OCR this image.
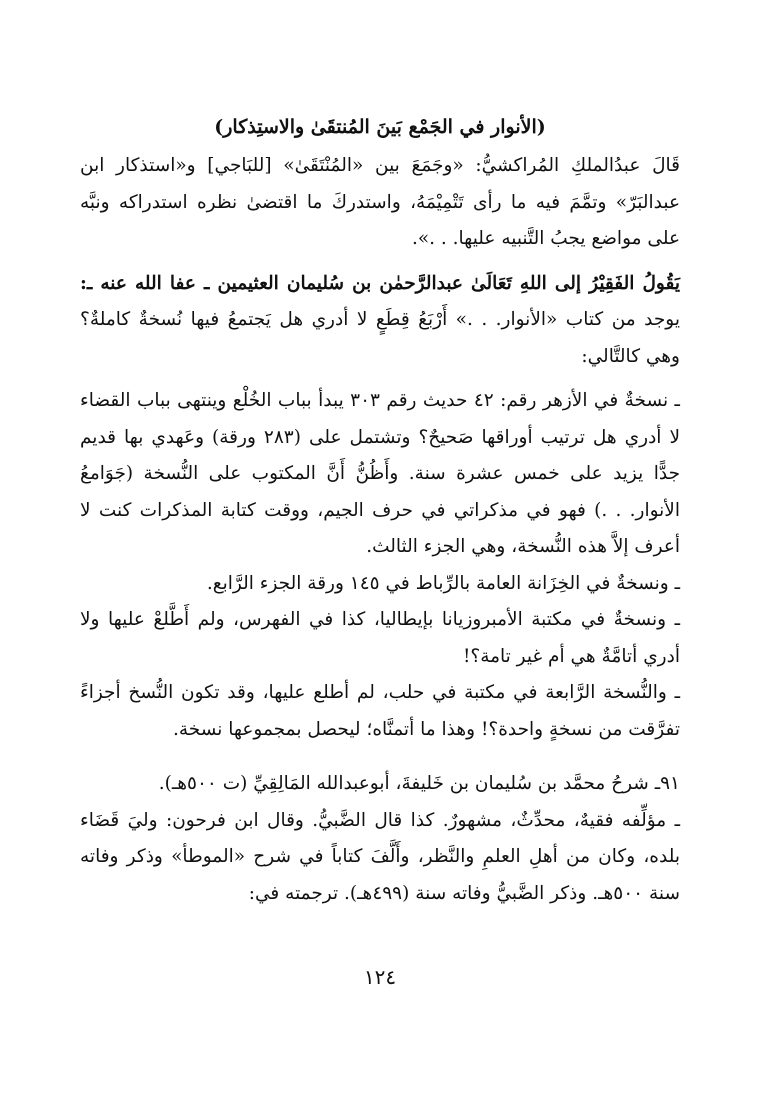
(الأنوار في الجَمْع بَينَ المُنتقَىٰ والاستِذكار)

قَالَ عبدُالملكِ المُراكشيُّ: «وجَمَعَ بين «المُنْتَقَىٰ» [للبَاجي] و«استذكار ابن عبدالبَرّ» وتمَّمَ فيه ما رأى تَتْمِيْمَهُ، واستدركَ ما اقتضىٰ نظره استدراكه ونبَّه على مواضع يجبُ التَّنبيه عليها. . .».

يَقُولُ الفَقِيْرُ إلى اللهِ تَعَالَىٰ عبدالرَّحمٰن بن سُليمان العثيمين ـ عفا الله عنه ـ: يوجد من كتاب «الأنوار. . .» أَرْبَعُ قِطَعٍ لا أدري هل يَجتمعُ فيها نُسخةٌ كاملةٌ؟ وهي كالتَّالي:

ـ نسخةٌ في الأزهر رقم: ٤٢ حديث رقم ٣٠٣ يبدأ بباب الخُلْع وينتهى بباب القضاء لا أدري هل ترتيب أوراقها صَحيحٌ؟ وتشتمل على (٢٨٣ ورقة) وعَهدي بها قديم جدًّا يزيد على خمس عشرة سنة. وأَظُنُّ أَنَّ المكتوب على النُّسخة (جَوَامعُ الأنوار. . .) فهو في مذكراتي في حرف الجيم، ووقت كتابة المذكرات كنت لا أعرف إلاَّ هذه النُّسخة، وهي الجزء الثالث.

ـ ونسخةٌ في الخِزَانة العامة بالرِّباط في ١٤٥ ورقة الجزء الرَّابع.

ـ ونسخةٌ في مكتبة الأمبروزيانا بإيطاليا، كذا في الفهرس، ولم أَطَّلعْ عليها ولا أدري أتامَّةٌ هي أم غير تامة؟!

ـ والنُّسخة الرَّابعة في مكتبة في حلب، لم أطلع عليها، وقد تكون النُّسخ أجزاءً تفرَّقت من نسخةٍ واحدة؟! وهذا ما أتمنَّاه؛ ليحصل بمجموعها نسخة.

٩١ـ شرحُ محمَّد بن سُليمان بن خَليفةَ، أبوعبدالله المَالِقِيِّ (ت ٥٠٠هـ).

ـ مؤلِّفه فقيهٌ، محدِّثٌ، مشهورٌ. كذا قال الضَّبيُّ. وقال ابن فرحون: وليَ قَضَاء بلده، وكان من أهلِ العلمِ والنَّظر، وأَلَّفَ كتاباً في شرح «الموطأ» وذكر وفاته سنة ٥٠٠هـ. وذكر الضَّبيُّ وفاته سنة (٤٩٩هـ). ترجمته في:

١٢٤
